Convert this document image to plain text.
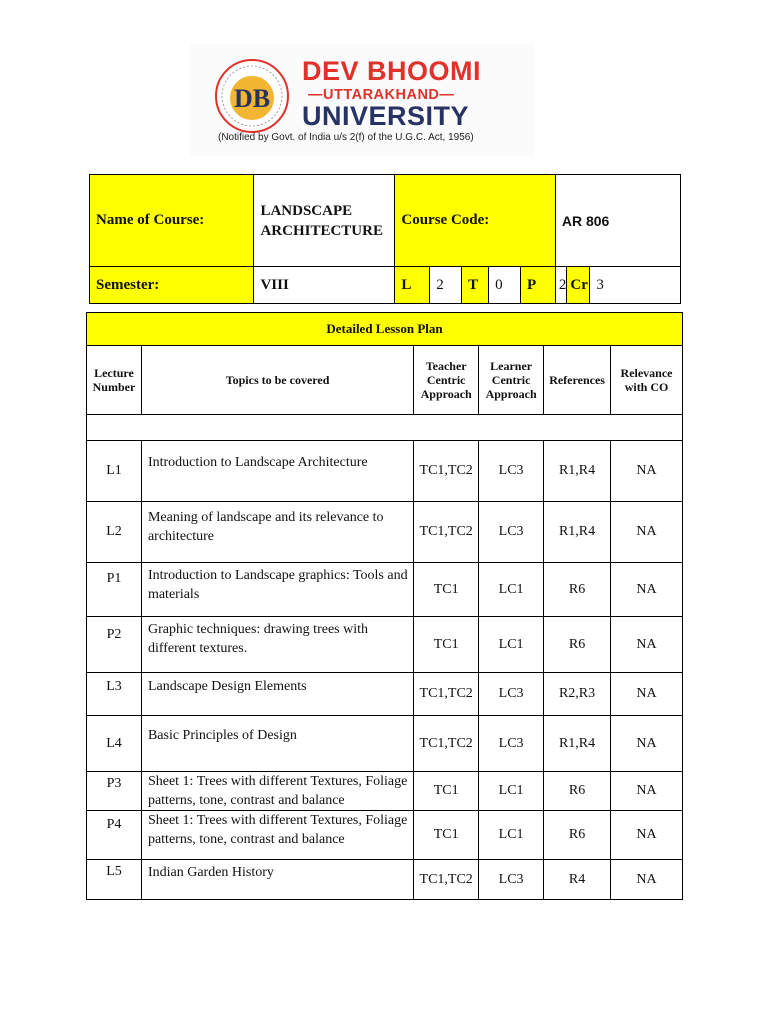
DB
DEV BHOOMI
—UTTARAKHAND—
UNIVERSITY
(Notified by Govt. of India u/s 2(f) of the U.G.C. Act, 1956)
Name of Course:	LANDSCAPE ARCHITECTURE	Course Code:					AR 806		
Semester:	VIII	L	2	T	0	P	2	Cr	3
Detailed Lesson Plan					
Lecture Number	Topics to be covered	Teacher Centric Approach	Learner Centric Approach	References	Relevance with CO

L1	Introduction to Landscape Architecture	TC1,TC2	LC3	R1,R4	NA
L2	Meaning of landscape and its relevance to architecture	TC1,TC2	LC3	R1,R4	NA
P1	Introduction to Landscape graphics: Tools and materials	TC1	LC1	R6	NA
P2	Graphic techniques: drawing trees with different textures.	TC1	LC1	R6	NA
L3	Landscape Design Elements	TC1,TC2	LC3	R2,R3	NA
L4	Basic Principles of Design	TC1,TC2	LC3	R1,R4	NA
P3	Sheet 1: Trees with different Textures, Foliage patterns, tone, contrast and balance	TC1	LC1	R6	NA
P4	Sheet 1: Trees with different Textures, Foliage patterns, tone, contrast and balance	TC1	LC1	R6	NA
L5	Indian Garden History	TC1,TC2	LC3	R4	NA
